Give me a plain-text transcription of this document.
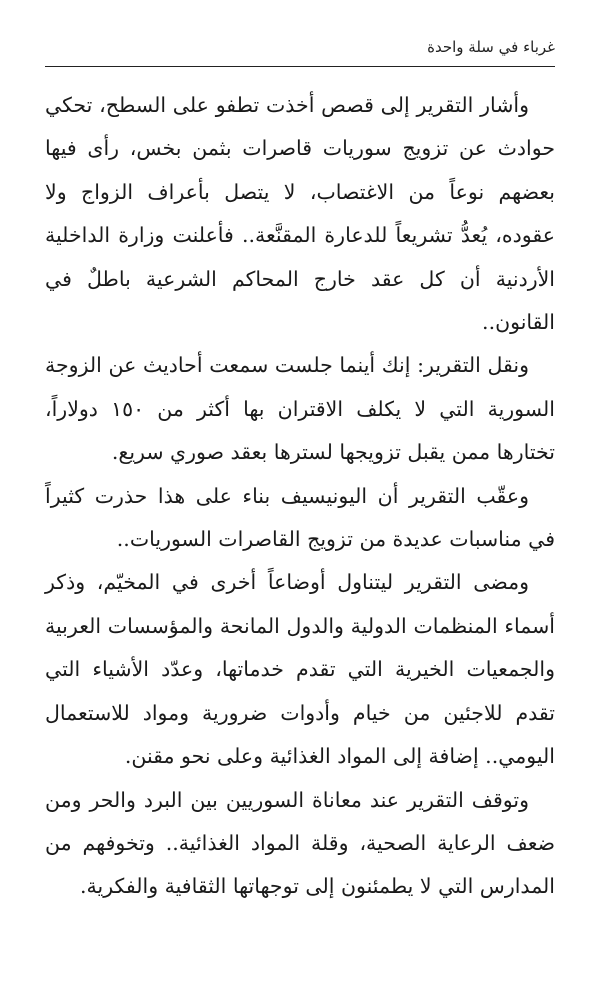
غرباء في سلة واحدة

وأشار التقرير إلى قصص أخذت تطفو على السطح، تحكي حوادث عن تزويج سوريات قاصرات بثمن بخس، رأى فيها بعضهم نوعاً من الاغتصاب، لا يتصل بأعراف الزواج ولا عقوده، يُعدُّ تشريعاً للدعارة المقنَّعة.. فأعلنت وزارة الداخلية الأردنية أن كل عقد خارج المحاكم الشرعية باطلٌ في القانون..

ونقل التقرير: إنك أينما جلست سمعت أحاديث عن الزوجة السورية التي لا يكلف الاقتران بها أكثر من ١٥٠ دولاراً، تختارها ممن يقبل تزويجها لسترها بعقد صوري سريع.

وعقّب التقرير أن اليونيسيف بناء على هذا حذرت كثيراً في مناسبات عديدة من تزويج القاصرات السوريات..

ومضى التقرير ليتناول أوضاعاً أخرى في المخيّم، وذكر أسماء المنظمات الدولية والدول المانحة والمؤسسات العربية والجمعيات الخيرية التي تقدم خدماتها، وعدّد الأشياء التي تقدم للاجئين من خيام وأدوات ضرورية ومواد للاستعمال اليومي.. إضافة إلى المواد الغذائية وعلى نحو مقنن.

وتوقف التقرير عند معاناة السوريين بين البرد والحر ومن ضعف الرعاية الصحية، وقلة المواد الغذائية.. وتخوفهم من المدارس التي لا يطمئنون إلى توجهاتها الثقافية والفكرية.
